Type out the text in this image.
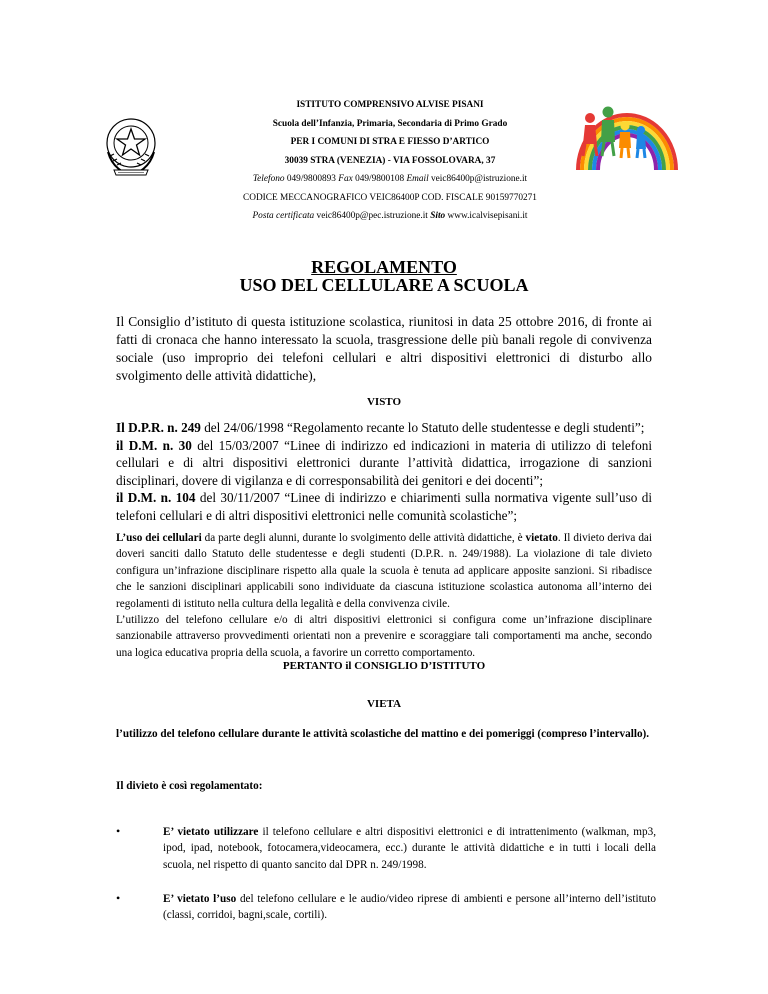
ISTITUTO COMPRENSIVO ALVISE PISANI
Scuola dell’Infanzia, Primaria, Secondaria di Primo Grado
PER I COMUNI DI STRA E FIESSO D’ARTICO
30039 STRA (VENEZIA) - VIA FOSSOLOVARA, 37
Telefono 049/9800893 Fax 049/9800108 Email veic86400p@istruzione.it
CODICE MECCANOGRAFICO VEIC86400P COD. FISCALE 90159770271
Posta certificata veic86400p@pec.istruzione.it Sito www.icalvisepisani.it
REGOLAMENTO
USO DEL CELLULARE A SCUOLA
Il Consiglio d’istituto di questa istituzione scolastica, riunitosi in data 25 ottobre 2016, di fronte ai fatti di cronaca che hanno interessato la scuola, trasgressione delle più banali regole di convivenza sociale (uso improprio dei telefoni cellulari e altri dispositivi elettronici di disturbo allo svolgimento delle attività didattiche),
VISTO

Il D.P.R. n. 249 del 24/06/1998 “Regolamento recante lo Statuto delle studentesse e degli studenti”;

il D.M. n. 30 del 15/03/2007 “Linee di indirizzo ed indicazioni in materia di utilizzo di telefoni cellulari e di altri dispositivi elettronici durante l’attività didattica, irrogazione di sanzioni disciplinari, dovere di vigilanza e di corresponsabilità dei genitori e dei docenti”;

il D.M. n. 104 del 30/11/2007 “Linee di indirizzo e chiarimenti sulla normativa vigente sull’uso di telefoni cellulari e di altri dispositivi elettronici nelle comunità scolastiche”;

L’uso dei cellulari da parte degli alunni, durante lo svolgimento delle attività didattiche, è vietato. Il divieto deriva dai doveri sanciti dallo Statuto delle studentesse e degli studenti (D.P.R. n. 249/1988). La violazione di tale divieto configura un’infrazione disciplinare rispetto alla quale la scuola è tenuta ad applicare apposite sanzioni. Si ribadisce che le sanzioni disciplinari applicabili sono individuate da ciascuna istituzione scolastica autonoma all’interno dei regolamenti di istituto nella cultura della legalità e della convivenza civile.

L’utilizzo del telefono cellulare e/o di altri dispositivi elettronici si configura come un’infrazione disciplinare sanzionabile attraverso provvedimenti orientati non a prevenire e scoraggiare tali comportamenti ma anche, secondo una logica educativa propria della scuola, a favorire un corretto comportamento.

PERTANTO il CONSIGLIO D’ISTITUTO
VIETA
l’utilizzo del telefono cellulare durante le attività scolastiche del mattino e dei pomeriggi (compreso l’intervallo).
Il divieto è così regolamentato:
•	E’ vietato utilizzare il telefono cellulare e altri dispositivi elettronici e di intrattenimento (walkman, mp3, ipod, ipad, notebook, fotocamera,videocamera, ecc.) durante le attività didattiche e in tutti i locali della scuola, nel rispetto di quanto sancito dal DPR n. 249/1998.
•	E’ vietato l’uso del telefono cellulare e le audio/video riprese di ambienti e persone all’interno dell’istituto (classi, corridoi, bagni,scale, cortili).
